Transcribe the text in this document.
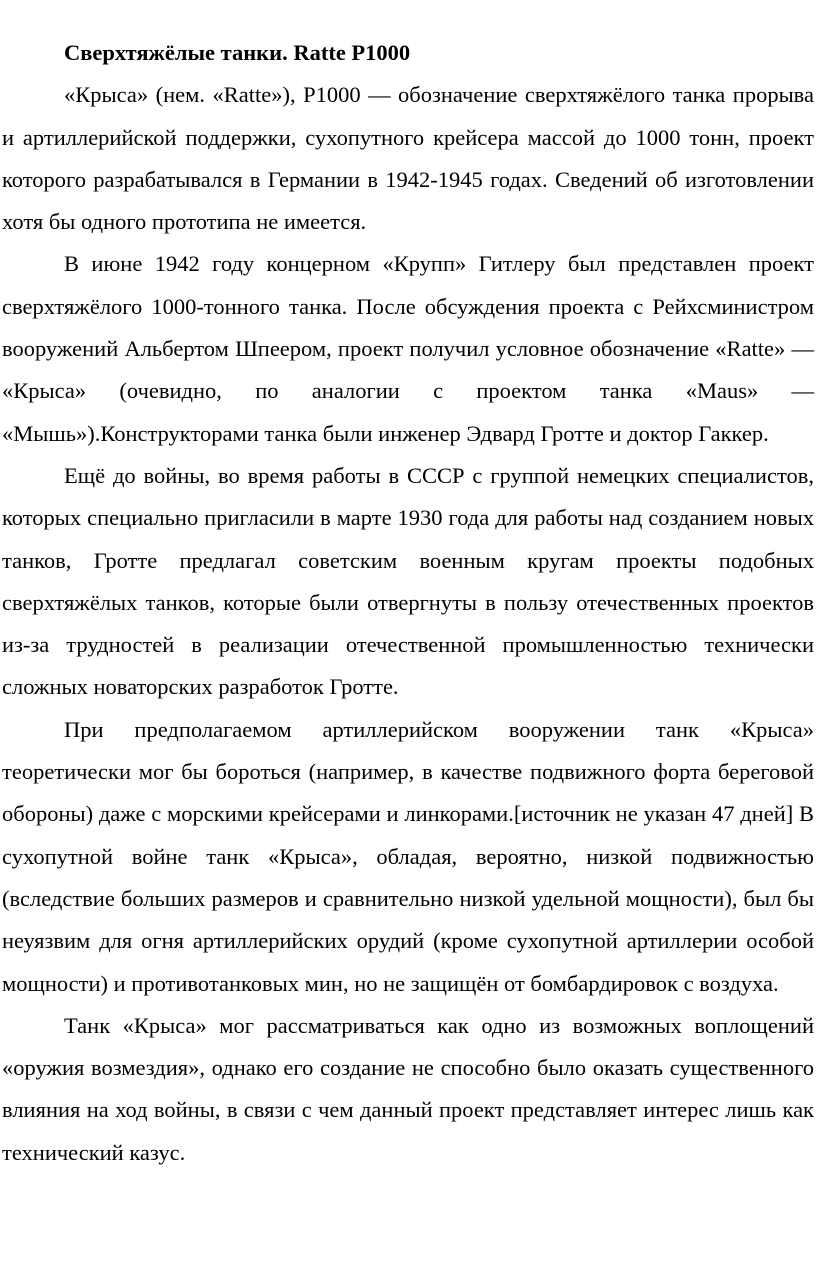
Сверхтяжёлые танки. Ratte P1000

«Крыса» (нем. «Ratte»), P1000 — обозначение сверхтяжёлого танка прорыва и артиллерийской поддержки, сухопутного крейсера массой до 1000 тонн, проект которого разрабатывался в Германии в 1942-1945 годах. Сведений об изготовлении хотя бы одного прототипа не имеется.

В июне 1942 году концерном «Крупп» Гитлеру был представлен проект сверхтяжёлого 1000-тонного танка. После обсуждения проекта с Рейхсминистром вооружений Альбертом Шпеером, проект получил условное обозначение «Ratte» — «Крыса» (очевидно, по аналогии с проектом танка «Maus» — «Мышь»).Конструкторами танка были инженер Эдвард Гротте и доктор Гаккер.

Ещё до войны, во время работы в СССР с группой немецких специалистов, которых специально пригласили в марте 1930 года для работы над созданием новых танков, Гротте предлагал советским военным кругам проекты подобных сверхтяжёлых танков, которые были отвергнуты в пользу отечественных проектов из-за трудностей в реализации отечественной промышленностью технически сложных новаторских разработок Гротте.

При предполагаемом артиллерийском вооружении танк «Крыса» теоретически мог бы бороться (например, в качестве подвижного форта береговой обороны) даже с морскими крейсерами и линкорами.[источник не указан 47 дней] В сухопутной войне танк «Крыса», обладая, вероятно, низкой подвижностью (вследствие больших размеров и сравнительно низкой удельной мощности), был бы неуязвим для огня артиллерийских орудий (кроме сухопутной артиллерии особой мощности) и противотанковых мин, но не защищён от бомбардировок с воздуха.

Танк «Крыса» мог рассматриваться как одно из возможных воплощений «оружия возмездия», однако его создание не способно было оказать существенного влияния на ход войны, в связи с чем данный проект представляет интерес лишь как технический казус.
